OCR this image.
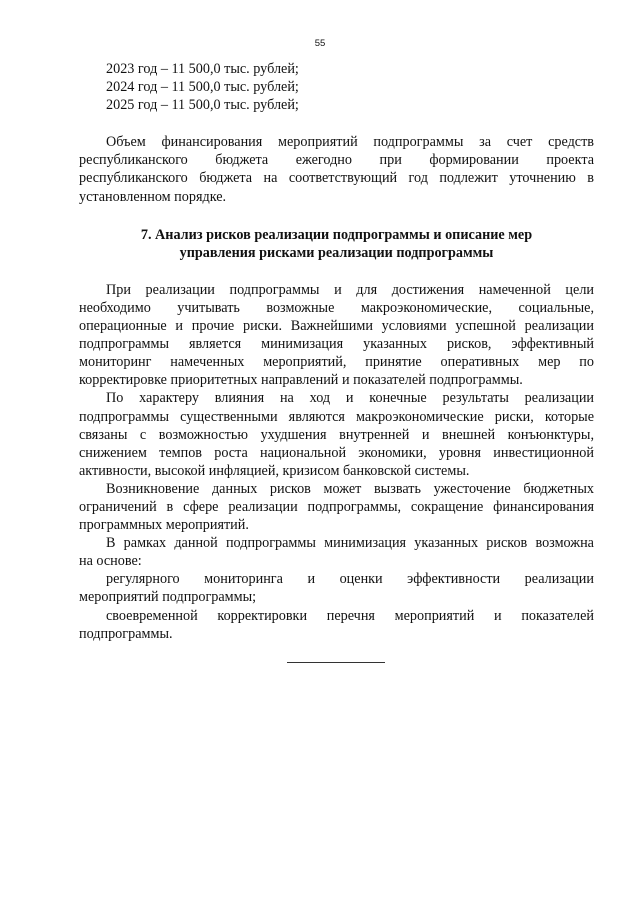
55
2023 год – 11 500,0 тыс. рублей;
2024 год – 11 500,0 тыс. рублей;
2025 год – 11 500,0 тыс. рублей;
Объем финансирования мероприятий подпрограммы за счет средств
республиканского бюджета ежегодно при формировании проекта
республиканского бюджета на соответствующий год подлежит уточнению в
установленном порядке.
7. Анализ рисков реализации подпрограммы и описание мер
управления рисками реализации подпрограммы
При реализации подпрограммы и для достижения намеченной цели
необходимо учитывать возможные макроэкономические, социальные,
операционные и прочие риски. Важнейшими условиями успешной реализации
подпрограммы является минимизация указанных рисков, эффективный
мониторинг намеченных мероприятий, принятие оперативных мер по
корректировке приоритетных направлений и показателей подпрограммы.
По характеру влияния на ход и конечные результаты реализации
подпрограммы существенными являются макроэкономические риски, которые
связаны с возможностью ухудшения внутренней и внешней конъюнктуры,
снижением темпов роста национальной экономики, уровня инвестиционной
активности, высокой инфляцией, кризисом банковской системы.
Возникновение данных рисков может вызвать ужесточение бюджетных
ограничений в сфере реализации подпрограммы, сокращение финансирования
программных мероприятий.
В рамках данной подпрограммы минимизация указанных рисков возможна
на основе:
регулярного мониторинга и оценки эффективности реализации
мероприятий подпрограммы;
своевременной корректировки перечня мероприятий и показателей
подпрограммы.
